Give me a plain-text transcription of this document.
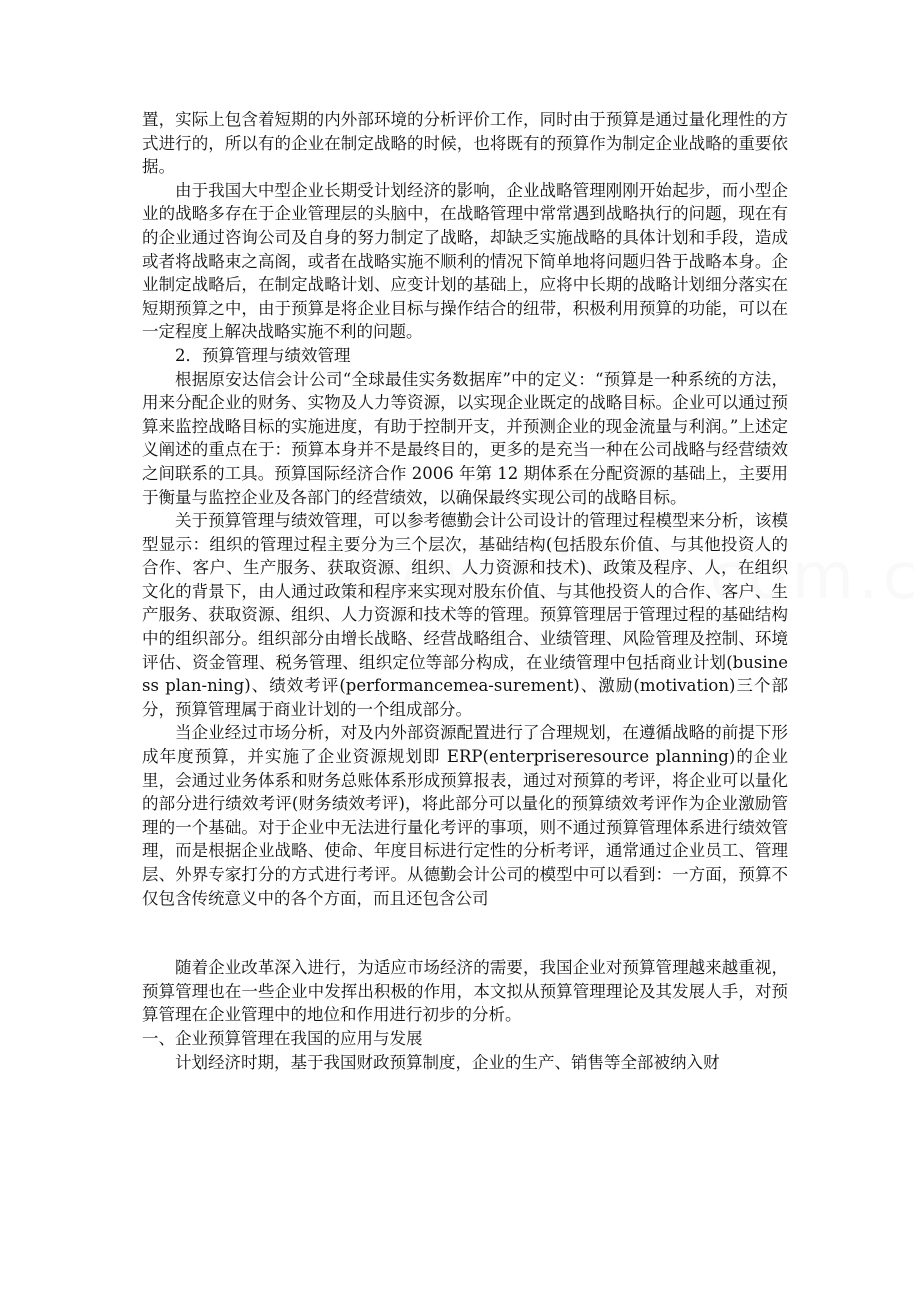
置，实际上包含着短期的内外部环境的分析评价工作，同时由于预算是通过量化理性的方式进行的，所以有的企业在制定战略的时候，也将既有的预算作为制定企业战略的重要依据。

由于我国大中型企业长期受计划经济的影响，企业战略管理刚刚开始起步，而小型企业的战略多存在于企业管理层的头脑中，在战略管理中常常遇到战略执行的问题，现在有的企业通过咨询公司及自身的努力制定了战略，却缺乏实施战略的具体计划和手段，造成或者将战略束之高阁，或者在战略实施不顺利的情况下简单地将问题归咎于战略本身。企业制定战略后，在制定战略计划、应变计划的基础上，应将中长期的战略计划细分落实在短期预算之中，由于预算是将企业目标与操作结合的纽带，积极利用预算的功能，可以在一定程度上解决战略实施不利的问题。

2．预算管理与绩效管理

根据原安达信会计公司“全球最佳实务数据库”中的定义：“预算是一种系统的方法，用来分配企业的财务、实物及人力等资源，以实现企业既定的战略目标。企业可以通过预算来监控战略目标的实施进度，有助于控制开支，并预测企业的现金流量与利润。”上述定义阐述的重点在于：预算本身并不是最终目的，更多的是充当一种在公司战略与经营绩效之间联系的工具。预算国际经济合作 2006 年第 12 期体系在分配资源的基础上，主要用于衡量与监控企业及各部门的经营绩效，以确保最终实现公司的战略目标。

关于预算管理与绩效管理，可以参考德勤会计公司设计的管理过程模型来分析，该模型显示：组织的管理过程主要分为三个层次，基础结构(包括股东价值、与其他投资人的合作、客户、生产服务、获取资源、组织、人力资源和技术)、政策及程序、人，在组织文化的背景下，由人通过政策和程序来实现对股东价值、与其他投资人的合作、客户、生产服务、获取资源、组织、人力资源和技术等的管理。预算管理居于管理过程的基础结构中的组织部分。组织部分由增长战略、经营战略组合、业绩管理、风险管理及控制、环境评估、资金管理、税务管理、组织定位等部分构成，在业绩管理中包括商业计划(business plan-ning)、绩效考评(performancemea-surement)、激励(motivation)三个部分，预算管理属于商业计划的一个组成部分。

当企业经过市场分析，对及内外部资源配置进行了合理规划，在遵循战略的前提下形成年度预算，并实施了企业资源规划即 ERP(enterpriseresource planning)的企业里，会通过业务体系和财务总账体系形成预算报表，通过对预算的考评，将企业可以量化的部分进行绩效考评(财务绩效考评)，将此部分可以量化的预算绩效考评作为企业激励管理的一个基础。对于企业中无法进行量化考评的事项，则不通过预算管理体系进行绩效管理，而是根据企业战略、使命、年度目标进行定性的分析考评，通常通过企业员工、管理层、外界专家打分的方式进行考评。从德勤会计公司的模型中可以看到：一方面，预算不仅包含传统意义中的各个方面，而且还包含公司

随着企业改革深入进行，为适应市场经济的需要，我国企业对预算管理越来越重视，预算管理也在一些企业中发挥出积极的作用，本文拟从预算管理理论及其发展人手，对预算管理在企业管理中的地位和作用进行初步的分析。

一、企业预算管理在我国的应用与发展

计划经济时期，基于我国财政预算制度，企业的生产、销售等全部被纳入财
